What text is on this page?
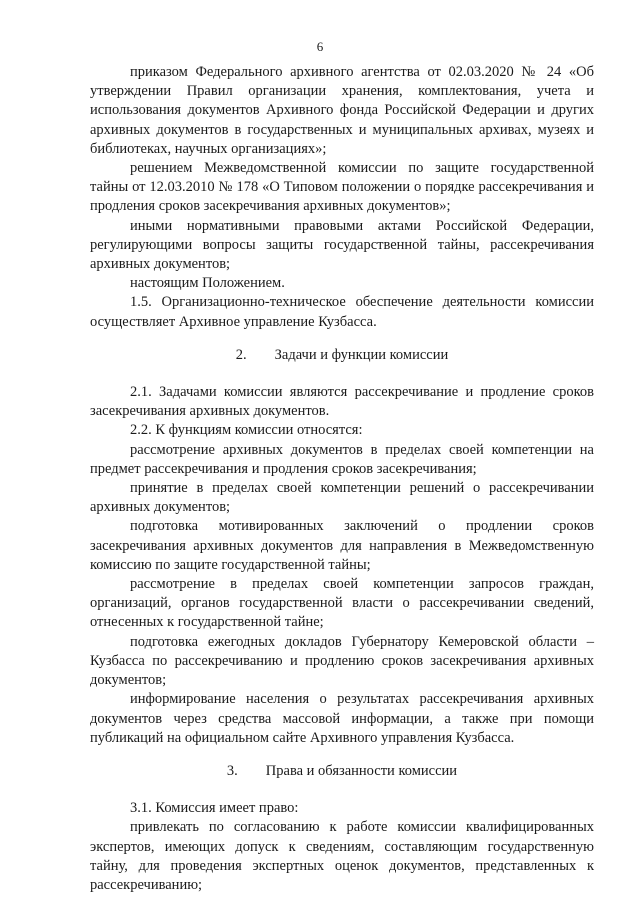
6

приказом Федерального архивного агентства от 02.03.2020 № 24 «Об утверждении Правил организации хранения, комплектования, учета и использования документов Архивного фонда Российской Федерации и других архивных документов в государственных и муниципальных архивах, музеях и библиотеках, научных организациях»;

решением Межведомственной комиссии по защите государственной тайны от 12.03.2010 № 178 «О Типовом положении о порядке рассекречивания и продления сроков засекречивания архивных документов»;

иными нормативными правовыми актами Российской Федерации, регулирующими вопросы защиты государственной тайны, рассекречивания архивных документов;

настоящим Положением.

1.5. Организационно-техническое обеспечение деятельности комиссии осуществляет Архивное управление Кузбасса.

2. Задачи и функции комиссии

2.1. Задачами комиссии являются рассекречивание и продление сроков засекречивания архивных документов.

2.2. К функциям комиссии относятся:

рассмотрение архивных документов в пределах своей компетенции на предмет рассекречивания и продления сроков засекречивания;

принятие в пределах своей компетенции решений о рассекречивании архивных документов;

подготовка мотивированных заключений о продлении сроков засекречивания архивных документов для направления в Межведомственную комиссию по защите государственной тайны;

рассмотрение в пределах своей компетенции запросов граждан, организаций, органов государственной власти о рассекречивании сведений, отнесенных к государственной тайне;

подготовка ежегодных докладов Губернатору Кемеровской области – Кузбасса по рассекречиванию и продлению сроков засекречивания архивных документов;

информирование населения о результатах рассекречивания архивных документов через средства массовой информации, а также при помощи публикаций на официальном сайте Архивного управления Кузбасса.

3. Права и обязанности комиссии

3.1. Комиссия имеет право:

привлекать по согласованию к работе комиссии квалифицированных экспертов, имеющих допуск к сведениям, составляющим государственную тайну, для проведения экспертных оценок документов, представленных к рассекречиванию;
